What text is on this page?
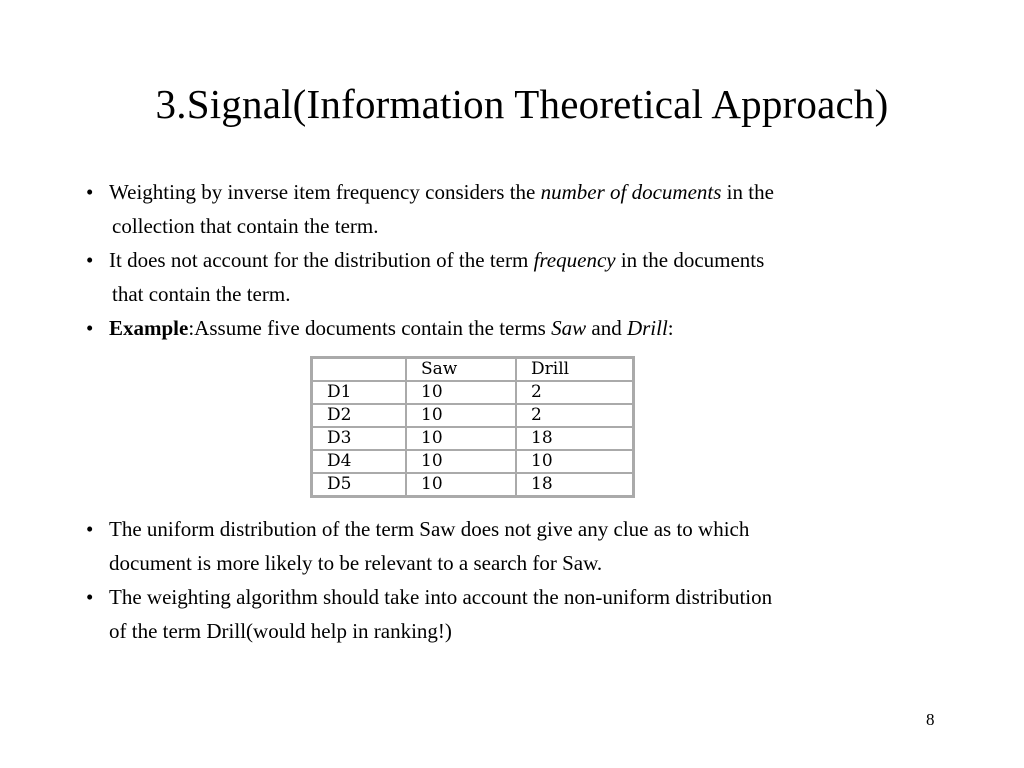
3.Signal(Information Theoretical Approach)

• Weighting by inverse item frequency considers the number of documents in the
collection that contain the term.

• It does not account for the distribution of the term frequency in the documents
that contain the term.

• Example:Assume five documents contain the terms Saw and Drill:

	Saw	Drill
D1	10	2
D2	10	2
D3	10	18
D4	10	10
D5	10	18

• The uniform distribution of the term Saw does not give any clue as to which
document is more likely to be relevant to a search for Saw.

• The weighting algorithm should take into account the non-uniform distribution
of the term Drill(would help in ranking!)

8
